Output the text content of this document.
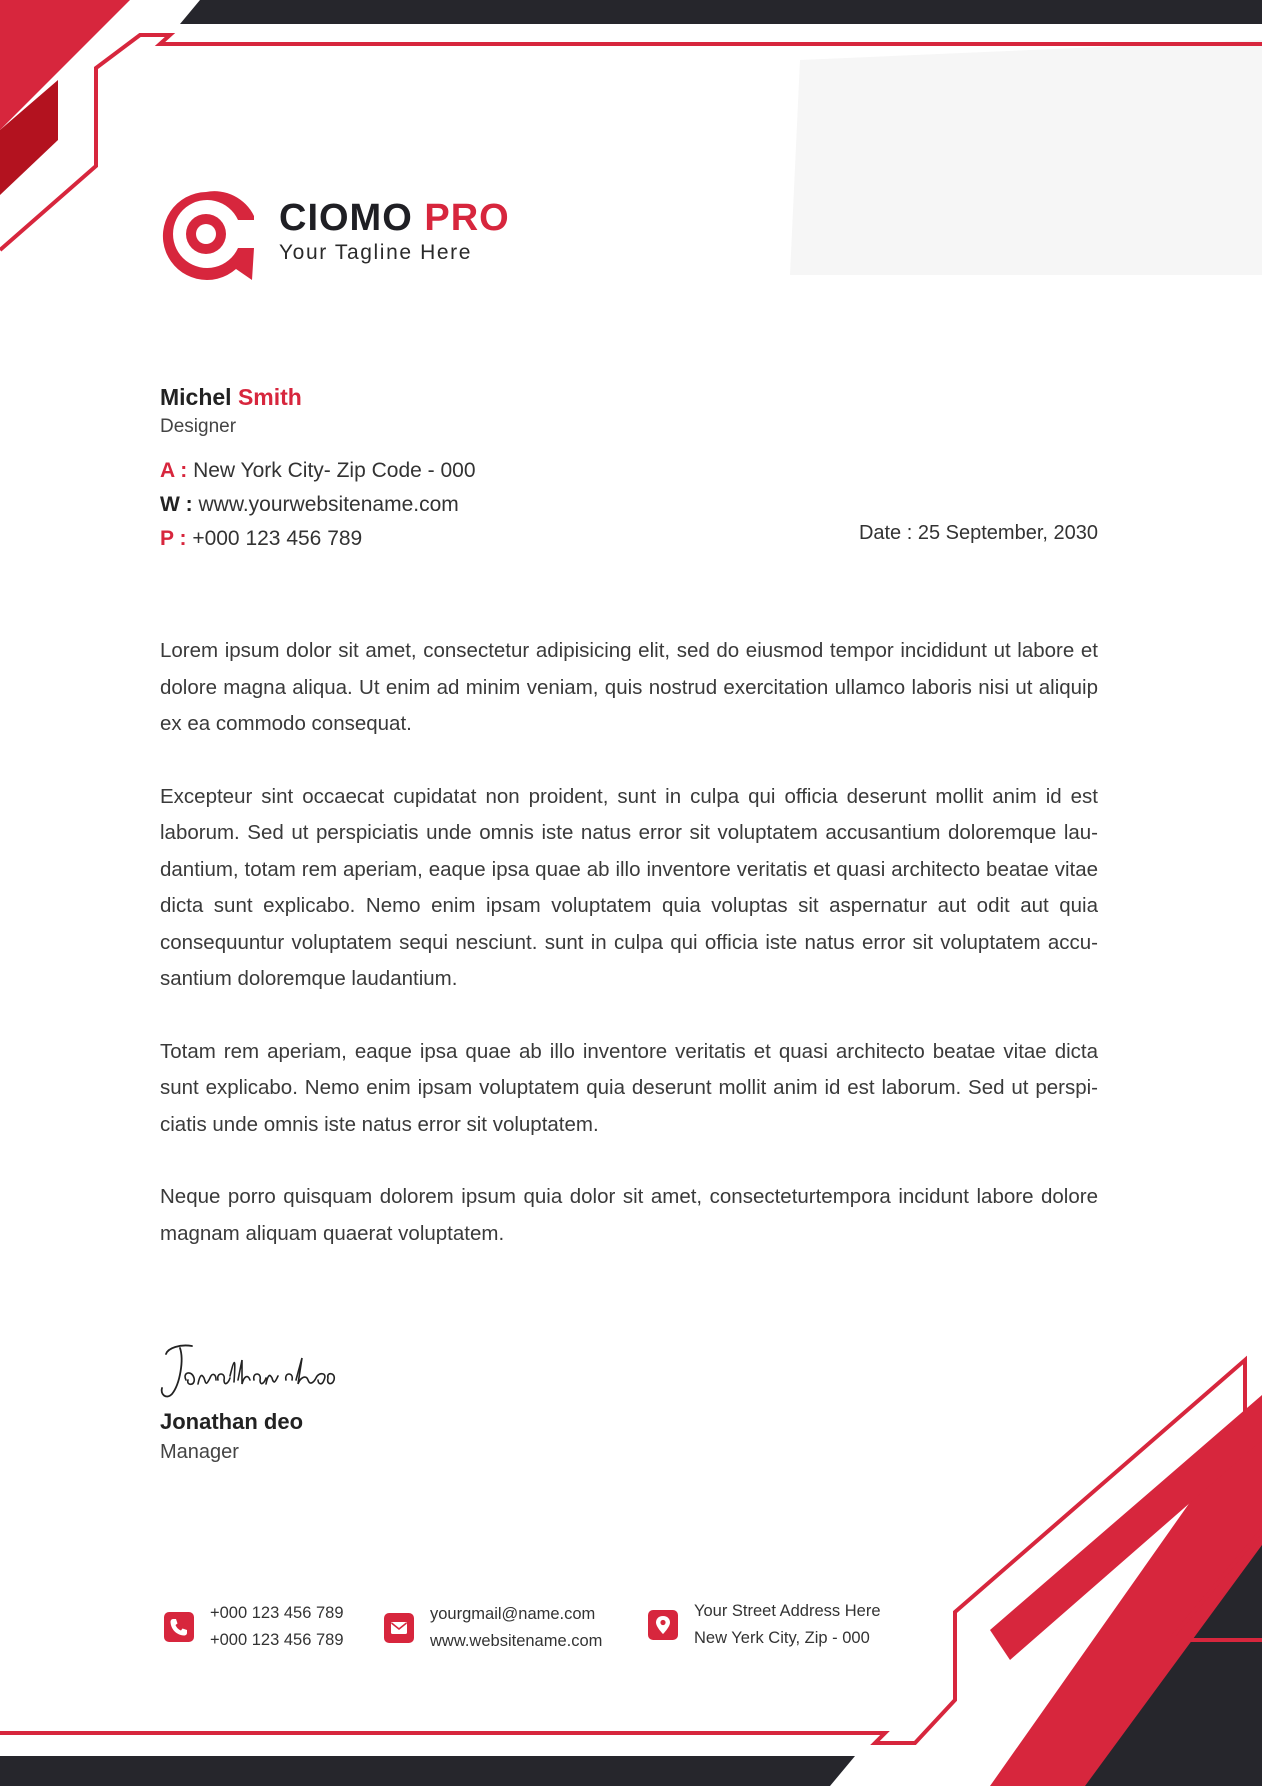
CIOMO PRO
Your Tagline Here
Michel Smith
Designer
A : New York City- Zip Code - 000
W : www.yourwebsitename.com
P : +000 123 456 789	Date : 25 September, 2030

Lorem ipsum dolor sit amet, consectetur adipisicing elit, sed do eiusmod tempor incididunt ut labore et dolore magna aliqua. Ut enim ad minim veniam, quis nostrud exercitation ullamco laboris nisi ut aliquip ex ea commodo consequat.

Excepteur sint occaecat cupidatat non proident, sunt in culpa qui officia deserunt mollit anim id est laborum. Sed ut perspiciatis unde omnis iste natus error sit voluptatem accusantium doloremque lau-dantium, totam rem aperiam, eaque ipsa quae ab illo inventore veritatis et quasi architecto beatae vitae dicta sunt explicabo. Nemo enim ipsam voluptatem quia voluptas sit aspernatur aut odit aut quia consequuntur voluptatem sequi nesciunt. sunt in culpa qui officia iste natus error sit voluptatem accu-santium doloremque laudantium.

Totam rem aperiam, eaque ipsa quae ab illo inventore veritatis et quasi architecto beatae vitae dicta sunt explicabo. Nemo enim ipsam voluptatem quia deserunt mollit anim id est laborum. Sed ut perspi-ciatis unde omnis iste natus error sit voluptatem.

Neque porro quisquam dolorem ipsum quia dolor sit amet, consecteturtempora incidunt labore dolore magnam aliquam quaerat voluptatem.

Jonathan deo
Manager
+000 123 456 789
+000 123 456 789
yourgmail@name.com
www.websitename.com
Your Street Address Here
New Yerk City, Zip - 000
